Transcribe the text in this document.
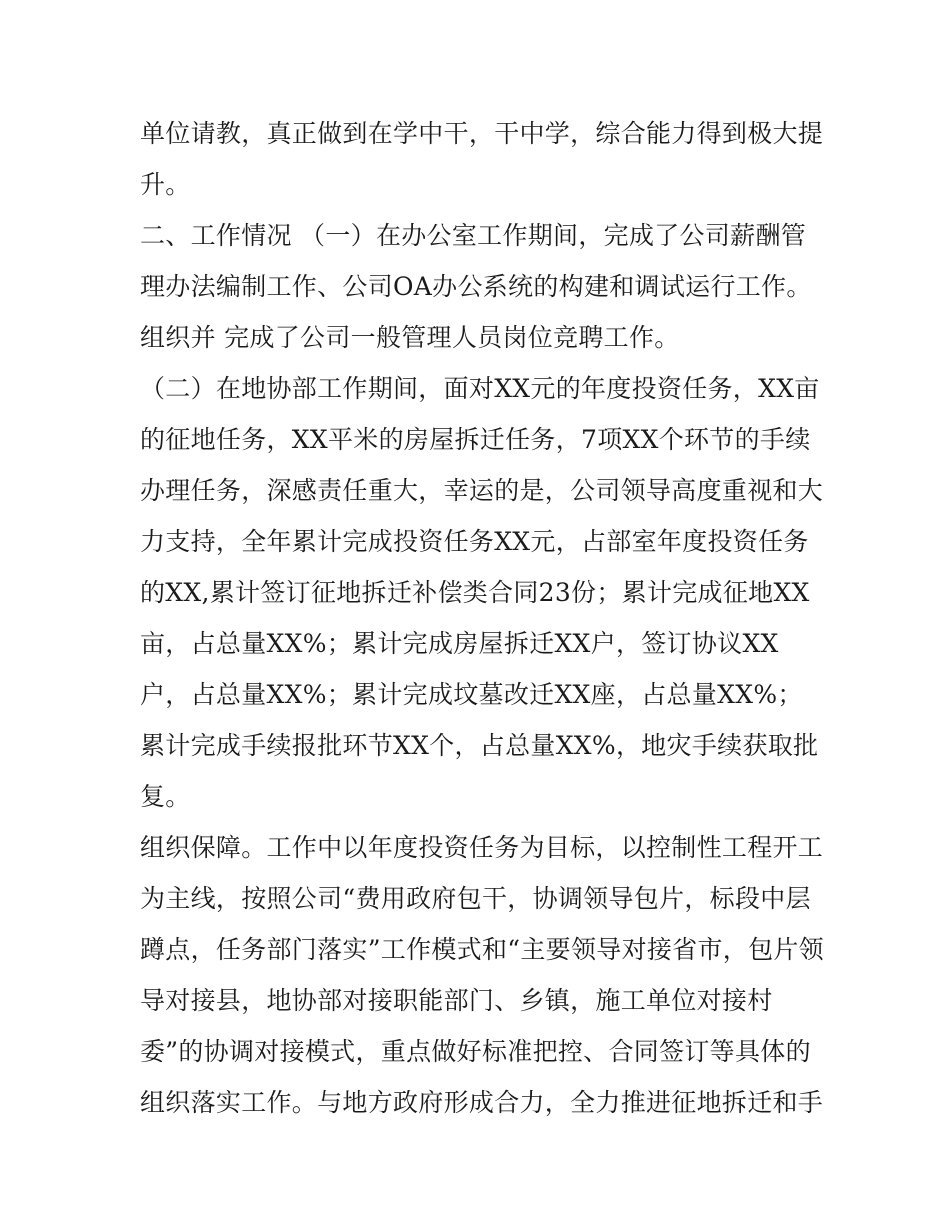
单位请教，真正做到在学中干，干中学，综合能力得到极大提
升。
二、工作情况 （一）在办公室工作期间，完成了公司薪酬管
理办法编制工作、公司OA办公系统的构建和调试运行工作。
组织并 完成了公司一般管理人员岗位竞聘工作。
（二）在地协部工作期间，面对XX元的年度投资任务，XX亩
的征地任务，XX平米的房屋拆迁任务，7项XX个环节的手续
办理任务，深感责任重大，幸运的是，公司领导高度重视和大
力支持，全年累计完成投资任务XX元，占部室年度投资任务
的XX,累计签订征地拆迁补偿类合同23份；累计完成征地XX
亩，占总量XX%；累计完成房屋拆迁XX户，签订协议XX
户，占总量XX%；累计完成坟墓改迁XX座，占总量XX%；
累计完成手续报批环节XX个，占总量XX%，地灾手续获取批
复。
组织保障。工作中以年度投资任务为目标，以控制性工程开工
为主线，按照公司“费用政府包干，协调领导包片，标段中层
蹲点，任务部门落实”工作模式和“主要领导对接省市，包片领
导对接县，地协部对接职能部门、乡镇，施工单位对接村
委”的协调对接模式，重点做好标准把控、合同签订等具体的
组织落实工作。与地方政府形成合力，全力推进征地拆迁和手
